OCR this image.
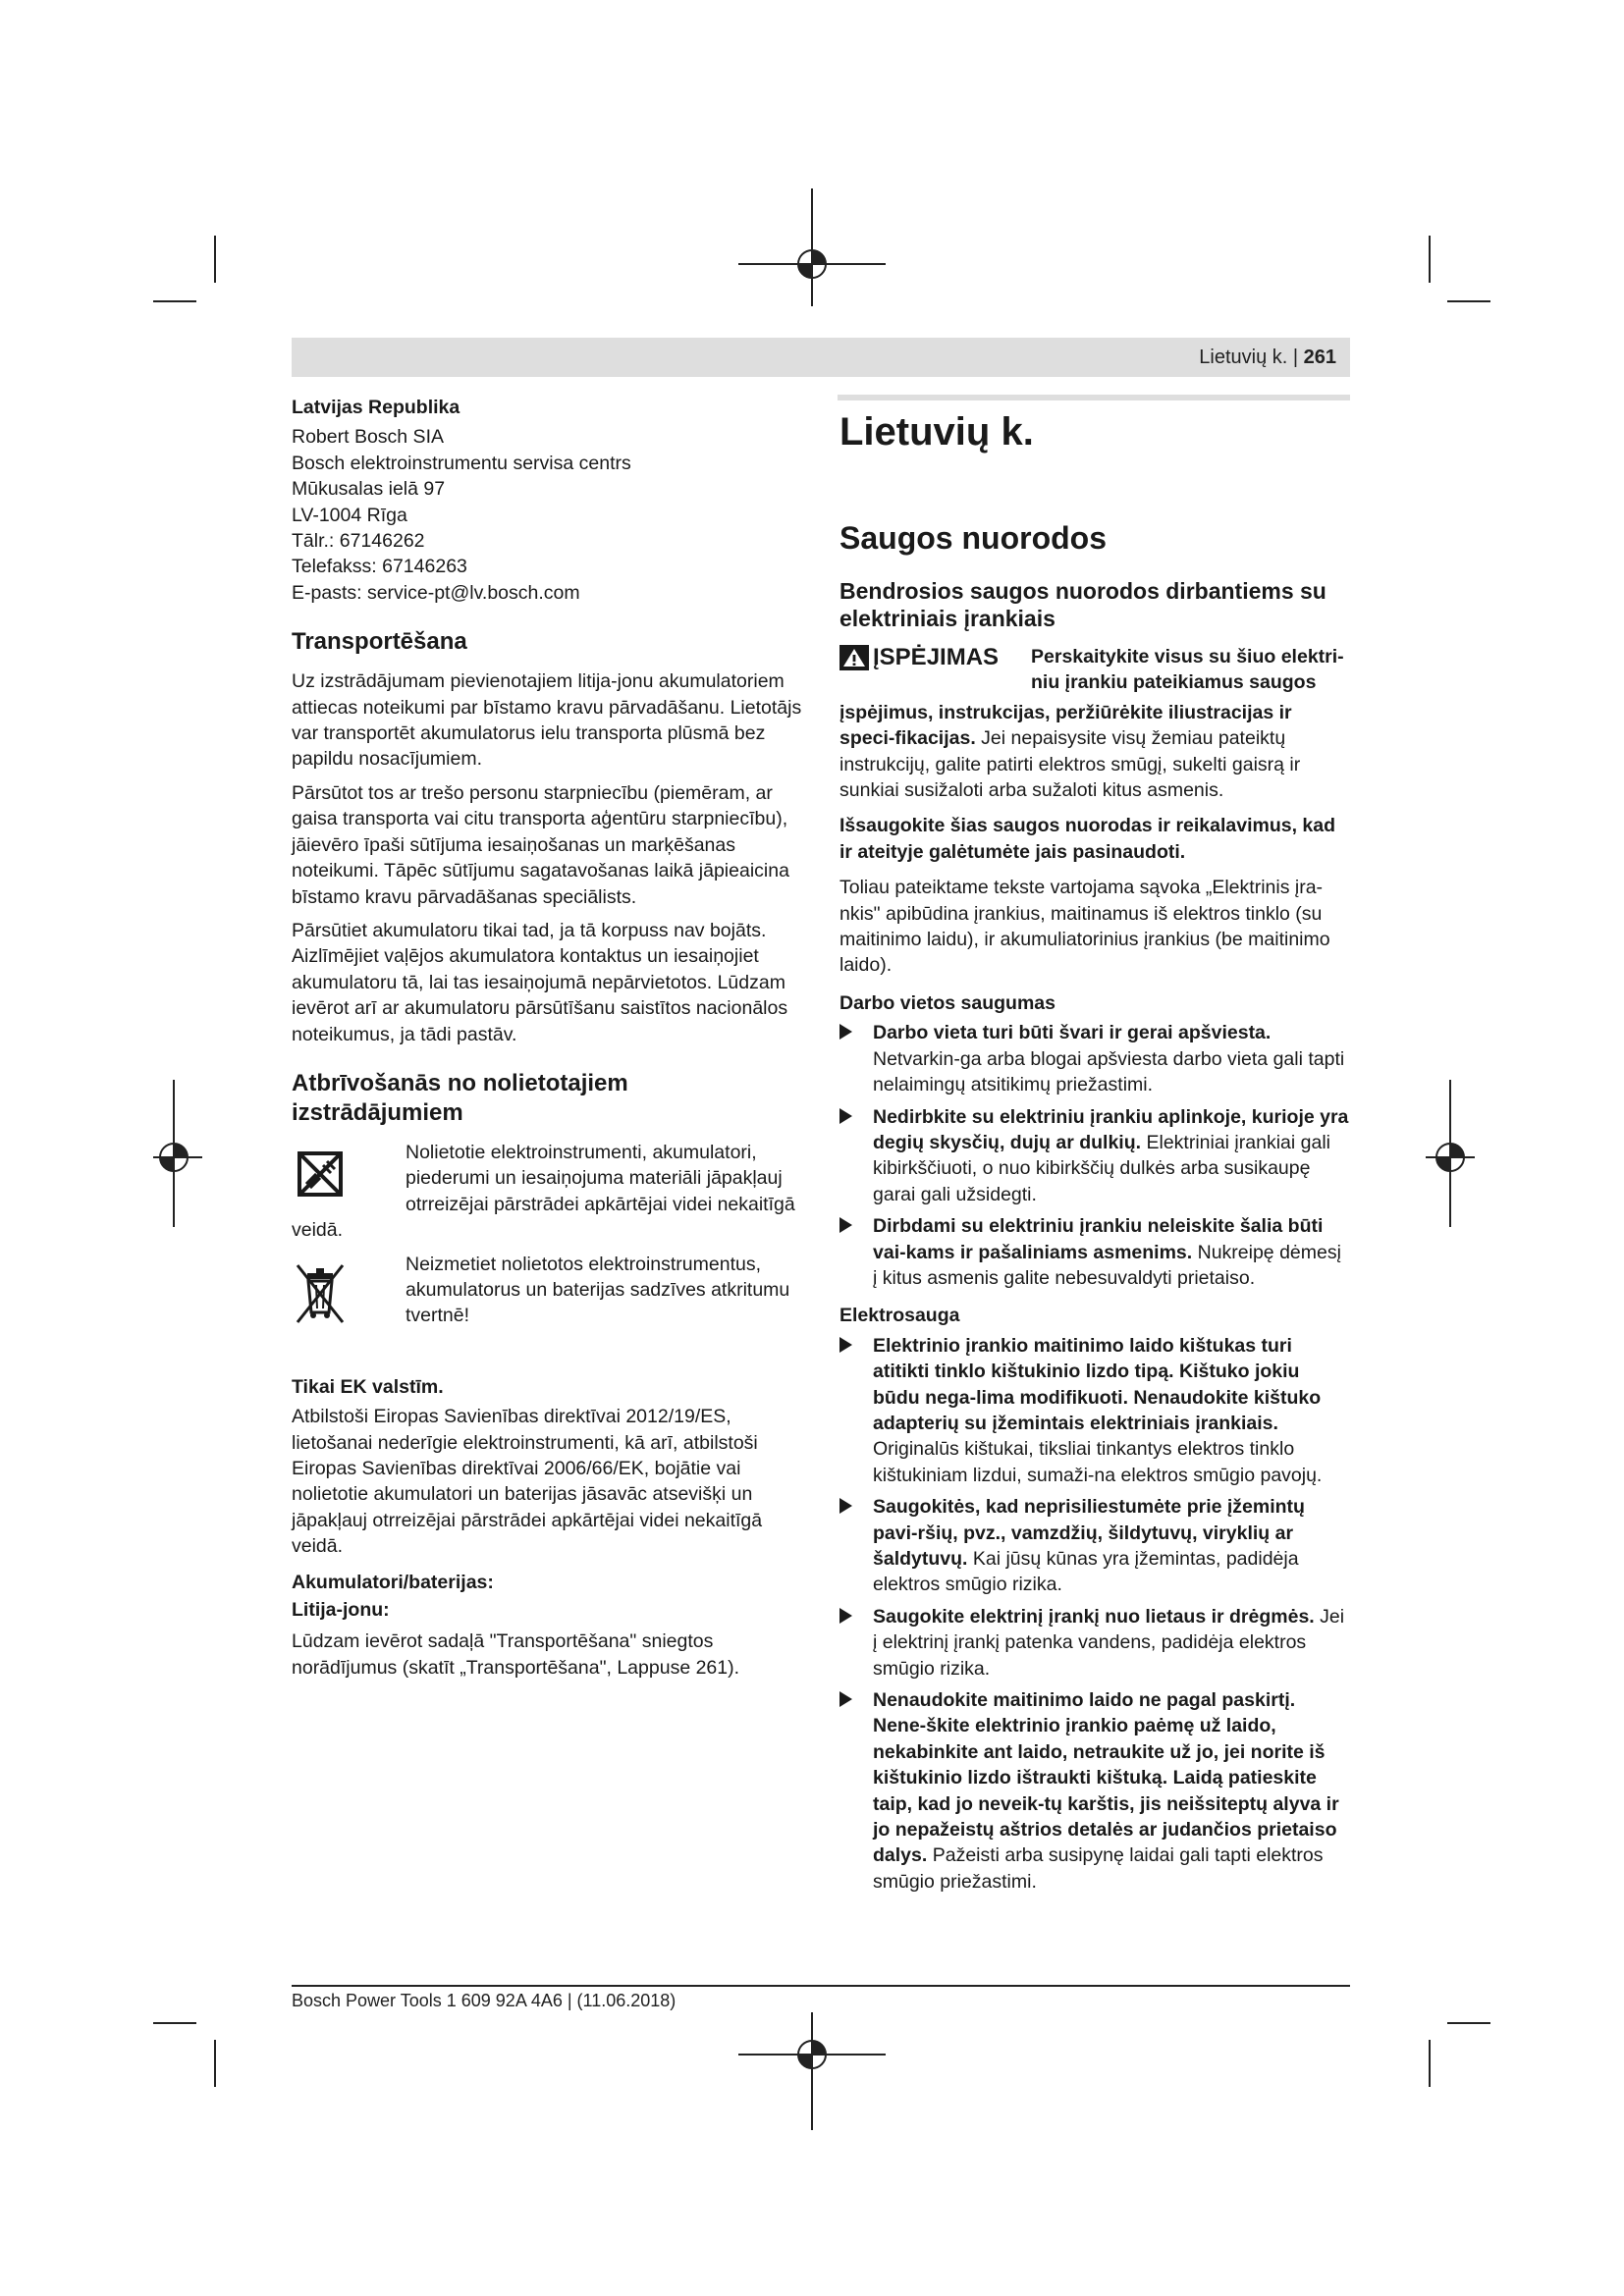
Lietuvių k. | 261

Latvijas Republika

Robert Bosch SIA

Bosch elektroinstrumentu servisa centrs

Mūkusalas ielā 97

LV-1004 Rīga

Tālr.: 67146262

Telefakss: 67146263

E-pasts: service-pt@lv.bosch.com

Transportēšana

Uz izstrādājumam pievienotajiem litija-jonu akumulatoriem attiecas noteikumi par bīstamo kravu pārvadāšanu. Lietotājs var transportēt akumulatorus ielu transporta plūsmā bez papildu nosacījumiem.

Pārsūtot tos ar trešo personu starpniecību (piemēram, ar gaisa transporta vai citu transporta aģentūru starpniecību), jāievēro īpaši sūtījuma iesaiņošanas un marķēšanas noteikumi. Tāpēc sūtījumu sagatavošanas laikā jāpieaicina bīstamo kravu pārvadāšanas speciālists.

Pārsūtiet akumulatoru tikai tad, ja tā korpuss nav bojāts. Aizlīmējiet vaļējos akumulatora kontaktus un iesaiņojiet akumulatoru tā, lai tas iesaiņojumā nepārvietotos. Lūdzam ievērot arī ar akumulatoru pārsūtīšanu saistītos nacionālos noteikumus, ja tādi pastāv.

Atbrīvošanās no nolietotajiem izstrādājumiem

Nolietotie elektroinstrumenti, akumulatori, piederumi un iesaiņojuma materiāli jāpakļauj otrreizējai pārstrādei apkārtējai videi nekaitīgā

veidā.

Neizmetiet nolietotos elektroinstrumentus, akumulatorus un baterijas sadzīves atkritumu tvertnē!

Tikai EK valstīm.

Atbilstoši Eiropas Savienības direktīvai 2012/19/ES, lietošanai nederīgie elektroinstrumenti, kā arī, atbilstoši Eiropas Savienības direktīvai 2006/66/EK, bojātie vai nolietotie akumulatori un baterijas jāsavāc atsevišķi un jāpakļauj otrreizējai pārstrādei apkārtējai videi nekaitīgā veidā.

Akumulatori/baterijas:

Litija-jonu:

Lūdzam ievērot sadaļā "Transportēšana" sniegtos norādījumus (skatīt „Transportēšana", Lappuse 261).

Lietuvių k.

Saugos nuorodos

Bendrosios saugos nuorodos dirbantiems su elektriniais įrankiais

ĮSPĖJIMAS Perskaitykite visus su šiuo elektri-niu įrankiu pateikiamus saugos

įspėjimus, instrukcijas, peržiūrėkite iliustracijas ir speci-fikacijas. Jei nepaisysite visų žemiau pateiktų instrukcijų, galite patirti elektros smūgį, sukelti gaisrą ir sunkiai susižaloti arba sužaloti kitus asmenis.

Išsaugokite šias saugos nuorodas ir reikalavimus, kad ir ateityje galėtumėte jais pasinaudoti.

Toliau pateiktame tekste vartojama sąvoka „Elektrinis įra-nkis" apibūdina įrankius, maitinamus iš elektros tinklo (su maitinimo laidu), ir akumuliatorinius įrankius (be maitinimo laido).

Darbo vietos saugumas

Darbo vieta turi būti švari ir gerai apšviesta. Netvarkin-ga arba blogai apšviesta darbo vieta gali tapti nelaimingų atsitikimų priežastimi.

Nedirbkite su elektriniu įrankiu aplinkoje, kurioje yra degių skysčių, dujų ar dulkių. Elektriniai įrankiai gali kibirkščiuoti, o nuo kibirkščių dulkės arba susikaupę garai gali užsidegti.

Dirbdami su elektriniu įrankiu neleiskite šalia būti vai-kams ir pašaliniams asmenims. Nukreipę dėmesį į kitus asmenis galite nebesuvaldyti prietaiso.

Elektrosauga

Elektrinio įrankio maitinimo laido kištukas turi atitikti tinklo kištukinio lizdo tipą. Kištuko jokiu būdu nega-lima modifikuoti. Nenaudokite kištuko adapterių su įžemintais elektriniais įrankiais. Originalūs kištukai, tiksliai tinkantys elektros tinklo kištukiniam lizdui, sumaži-na elektros smūgio pavojų.

Saugokitės, kad neprisiliestumėte prie įžemintų pavi-ršių, pvz., vamzdžių, šildytuvų, viryklių ar šaldytuvų. Kai jūsų kūnas yra įžemintas, padidėja elektros smūgio rizika.

Saugokite elektrinį įrankį nuo lietaus ir drėgmės. Jei į elektrinį įrankį patenka vandens, padidėja elektros smūgio rizika.

Nenaudokite maitinimo laido ne pagal paskirtį. Nene-škite elektrinio įrankio paėmę už laido, nekabinkite ant laido, netraukite už jo, jei norite iš kištukinio lizdo ištraukti kištuką. Laidą patieskite taip, kad jo neveik-tų karštis, jis neišsiteptų alyva ir jo nepažeistų aštrios detalės ar judančios prietaiso dalys. Pažeisti arba susipynę laidai gali tapti elektros smūgio priežastimi.

Bosch Power Tools 1 609 92A 4A6 | (11.06.2018)
